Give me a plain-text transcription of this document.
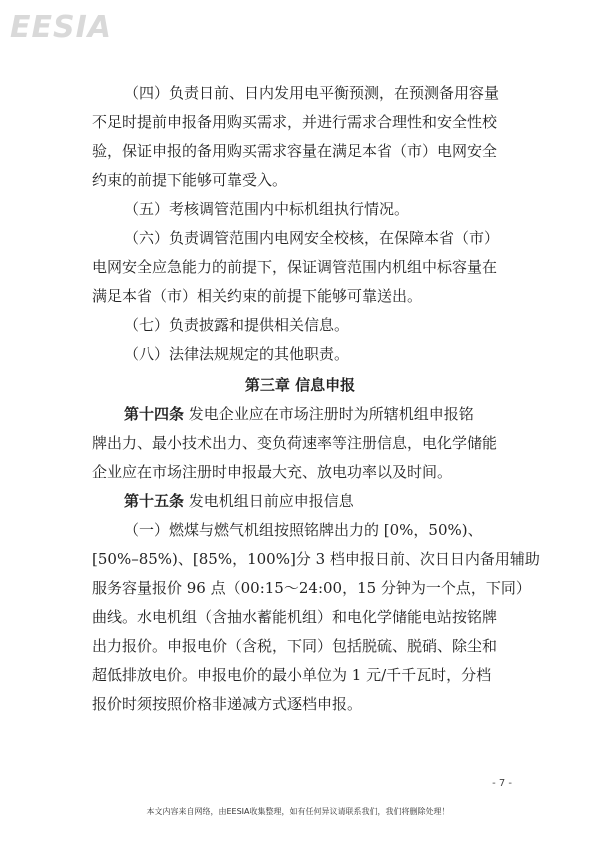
EESIA

（四）负责日前、日内发用电平衡预测，在预测备用容量

不足时提前申报备用购买需求，并进行需求合理性和安全性校

验，保证申报的备用购买需求容量在满足本省（市）电网安全

约束的前提下能够可靠受入。

（五）考核调管范围内中标机组执行情况。

（六）负责调管范围内电网安全校核，在保障本省（市）

电网安全应急能力的前提下，保证调管范围内机组中标容量在

满足本省（市）相关约束的前提下能够可靠送出。

（七）负责披露和提供相关信息。

（八）法律法规规定的其他职责。

第三章 信息申报

第十四条 发电企业应在市场注册时为所辖机组申报铭

牌出力、最小技术出力、变负荷速率等注册信息，电化学储能

企业应在市场注册时申报最大充、放电功率以及时间。

第十五条 发电机组日前应申报信息

（一）燃煤与燃气机组按照铭牌出力的 [0%，50%)、

[50%–85%)、[85%，100%]分 3 档申报日前、次日日内备用辅助

服务容量报价 96 点（00:15～24:00，15 分钟为一个点，下同）

曲线。水电机组（含抽水蓄能机组）和电化学储能电站按铭牌

出力报价。申报电价（含税，下同）包括脱硫、脱硝、除尘和

超低排放电价。申报电价的最小单位为 1 元/千千瓦时，分档

报价时须按照价格非递减方式逐档申报。

- 7 -
本文内容来自网络，由EESIA收集整理，如有任何异议请联系我们，我们将删除处理！
